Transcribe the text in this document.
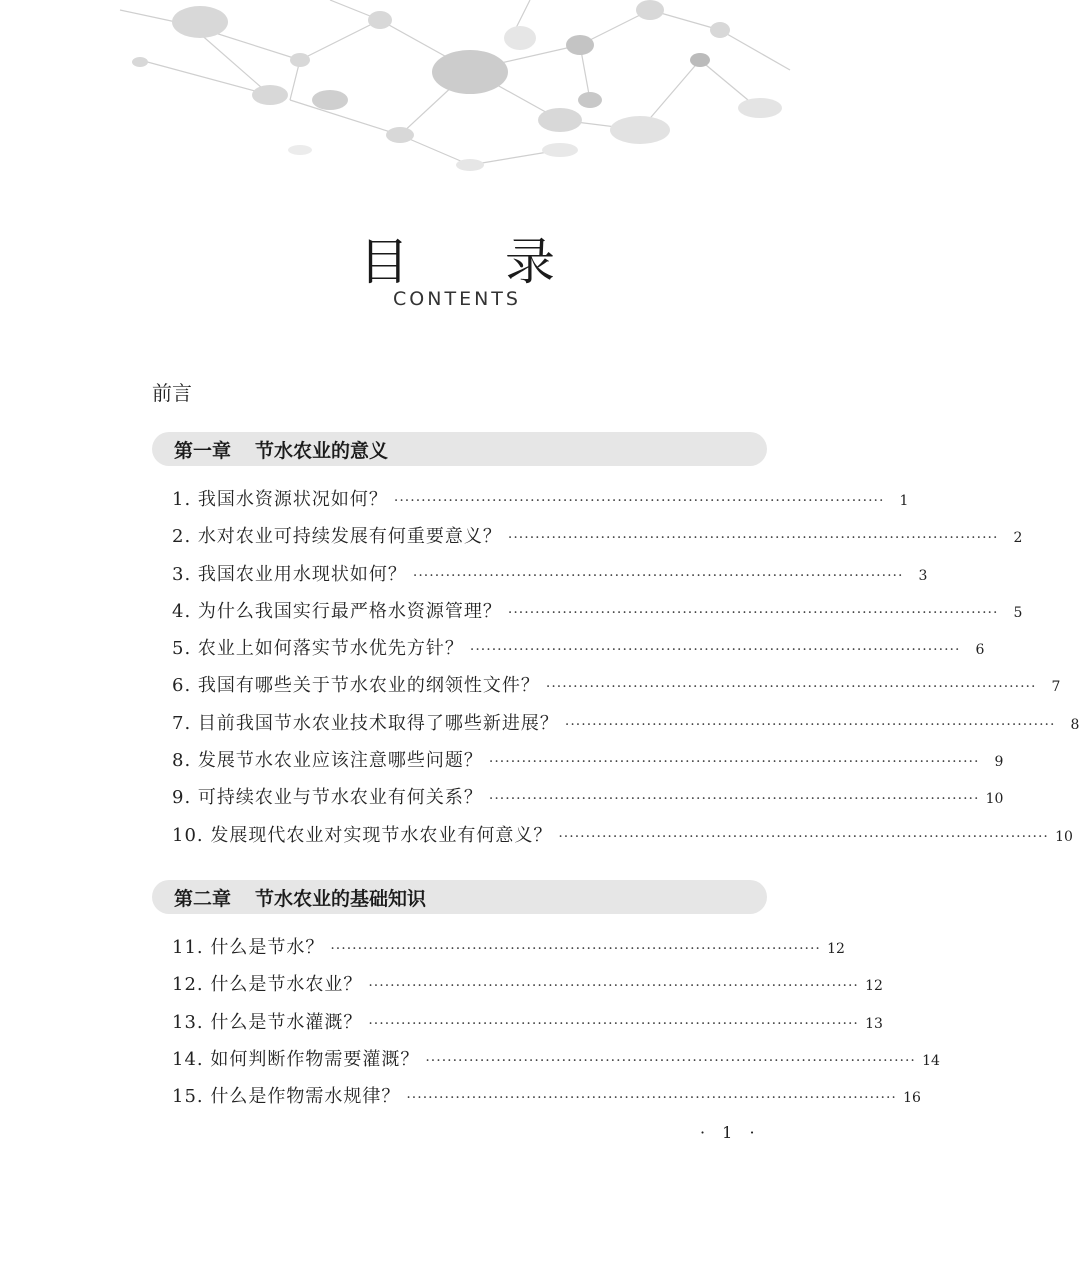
目 录
CONTENTS
前言
第一章 节水农业的意义
1. 我国水资源状况如何？ ··························································································	1
2. 水对农业可持续发展有何重要意义？ ··························································································	2
3. 我国农业用水现状如何？ ··························································································	3
4. 为什么我国实行最严格水资源管理？ ··························································································	5
5. 农业上如何落实节水优先方针？ ··························································································	6
6. 我国有哪些关于节水农业的纲领性文件？ ··························································································	7
7. 目前我国节水农业技术取得了哪些新进展？ ··························································································	8
8. 发展节水农业应该注意哪些问题？ ··························································································	9
9. 可持续农业与节水农业有何关系？ ·························································································· 10
10. 发展现代农业对实现节水农业有何意义？ ·························································································· 10
第二章 节水农业的基础知识
11. 什么是节水？ ·························································································· 12
12. 什么是节水农业？ ·························································································· 12
13. 什么是节水灌溉？ ·························································································· 13
14. 如何判断作物需要灌溉？ ·························································································· 14
15. 什么是作物需水规律？ ·························································································· 16
· 1 ·
